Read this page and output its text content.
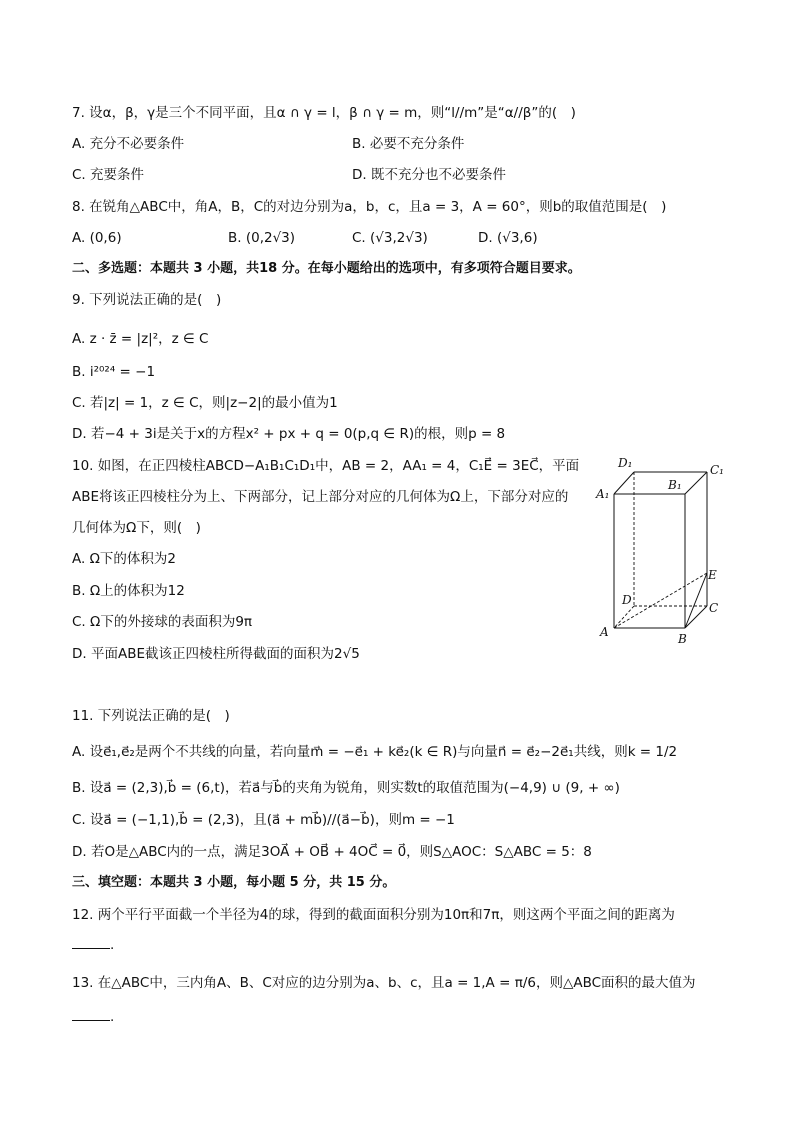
7. 设α，β，γ是三个不同平面，且α ∩ γ = l，β ∩ γ = m，则“l//m”是“α//β”的(　)
A. 充分不必要条件	B. 必要不充分条件
C. 充要条件	D. 既不充分也不必要条件
8. 在锐角△ABC中，角A，B，C的对边分别为a，b，c，且a = 3，A = 60°，则b的取值范围是(　)
A. (0,6)	B. (0,2√3)	C. (√3,2√3)	D. (√3,6)
二、多选题：本题共 3 小题，共18 分。在每小题给出的选项中，有多项符合题目要求。
9. 下列说法正确的是(　)
A. z · z̄ = |z|²，z ∈ C
B. i²⁰²⁴ = −1
C. 若|z| = 1，z ∈ C，则|z−2|的最小值为1
D. 若−4 + 3i是关于x的方程x² + px + q = 0(p,q ∈ R)的根，则p = 8
10. 如图，在正四棱柱ABCD−A₁B₁C₁D₁中，AB = 2，AA₁ = 4，C₁E⃗ = 3EC⃗，平面
ABE将该正四棱柱分为上、下两部分，记上部分对应的几何体为Ω上，下部分对应的
几何体为Ω下，则(　)
A. Ω下的体积为2
B. Ω上的体积为12
C. Ω下的外接球的表面积为9π
D. 平面ABE截该正四棱柱所得截面的面积为2√5
D₁	C₁
A₁
B₁
E
D
C
A	B
11. 下列说法正确的是(　)
A. 设e⃗₁,e⃗₂是两个不共线的向量，若向量m⃗ = −e⃗₁ + ke⃗₂(k ∈ R)与向量n⃗ = e⃗₂−2e⃗₁共线，则k = 1/2
B. 设a⃗ = (2,3),b⃗ = (6,t)，若a⃗与b⃗的夹角为锐角，则实数t的取值范围为(−4,9) ∪ (9, + ∞)
C. 设a⃗ = (−1,1),b⃗ = (2,3)，且(a⃗ + mb⃗)//(a⃗−b⃗)，则m = −1
D. 若O是△ABC内的一点，满足3OA⃗ + OB⃗ + 4OC⃗ = 0⃗，则S△AOC：S△ABC = 5：8
三、填空题：本题共 3 小题，每小题 5 分，共 15 分。
12. 两个平行平面截一个半径为4的球，得到的截面面积分别为10π和7π，则这两个平面之间的距离为
.
13. 在△ABC中，三内角A、B、C对应的边分别为a、b、c，且a = 1,A = π/6，则△ABC面积的最大值为
.
